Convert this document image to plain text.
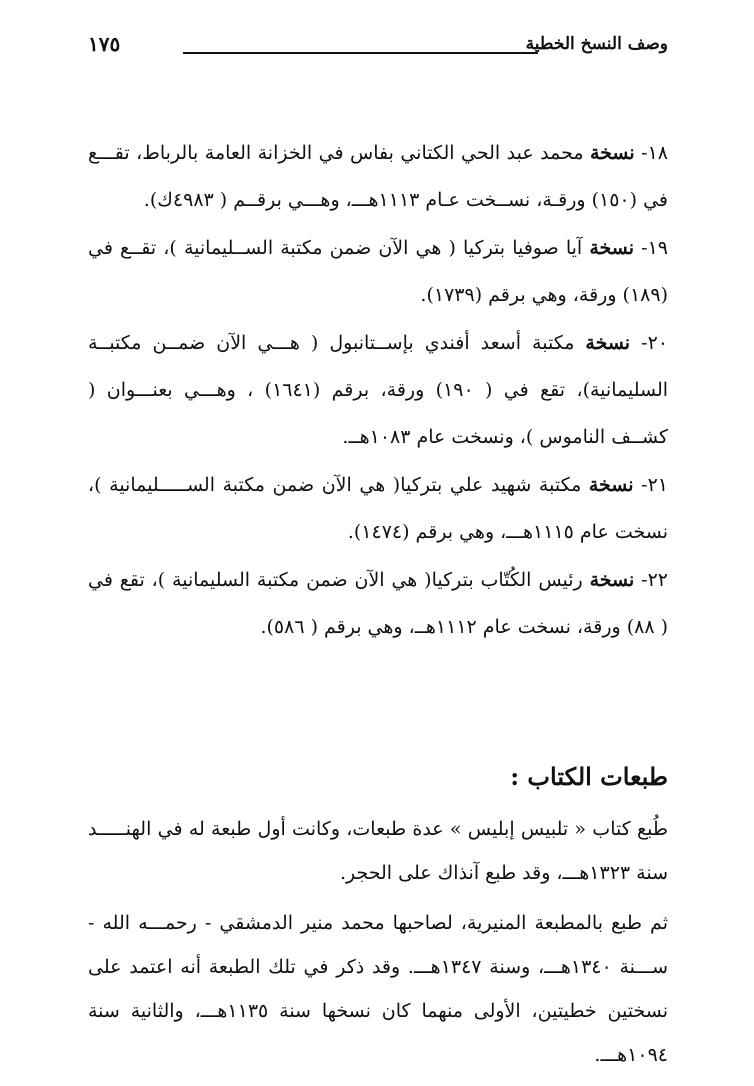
وصف النسخ الخطية
١٧٥

١٨- نسخة محمد عبد الحي الكتاني بفاس في الخزانة العامة بالرباط، تقـــع في (١٥٠) ورقـة، نســخت عـام ١١١٣هـــ، وهـــي برقــم ( ٤٩٨٣ك).

١٩- نسخة آيا صوفيا بتركيا ( هي الآن ضمن مكتبة الســليمانية )، تقــع في (١٨٩) ورقة، وهي برقم (١٧٣٩).

٢٠- نسخة مكتبة أسعد أفندي بإســتانبول ( هـــي الآن ضمــن مكتبــة السليمانية)، تقع في ( ١٩٠) ورقة، برقم (١٦٤١) ، وهـــي بعنـــوان ( كشــف الناموس )، ونسخت عام ١٠٨٣هــ.

٢١- نسخة مكتبة شهيد علي بتركيا( هي الآن ضمن مكتبة الســـــليمانية )، نسخت عام ١١١٥هـــ، وهي برقم (١٤٧٤).

٢٢- نسخة رئيس الكُتّاب بتركيا( هي الآن ضمن مكتبة السليمانية )، تقع في ( ٨٨) ورقة، نسخت عام ١١١٢هــ، وهي برقم ( ٥٨٦).

طبعات الكتاب :

طُبع كتاب « تلبيس إبليس » عدة طبعات، وكانت أول طبعة له في الهنـــــد سنة ١٣٢٣هـــ، وقد طبع آنذاك على الحجر.

ثم طبع بالمطبعة المنيرية، لصاحبها محمد منير الدمشقي - رحمـــه الله - ســـنة ١٣٤٠هـــ، وسنة ١٣٤٧هـــ. وقد ذكر في تلك الطبعة أنه اعتمد على نسختين خطيتين، الأولى منهما كان نسخها سنة ١١٣٥هـــ، والثانية سنة ١٠٩٤هـــ.
